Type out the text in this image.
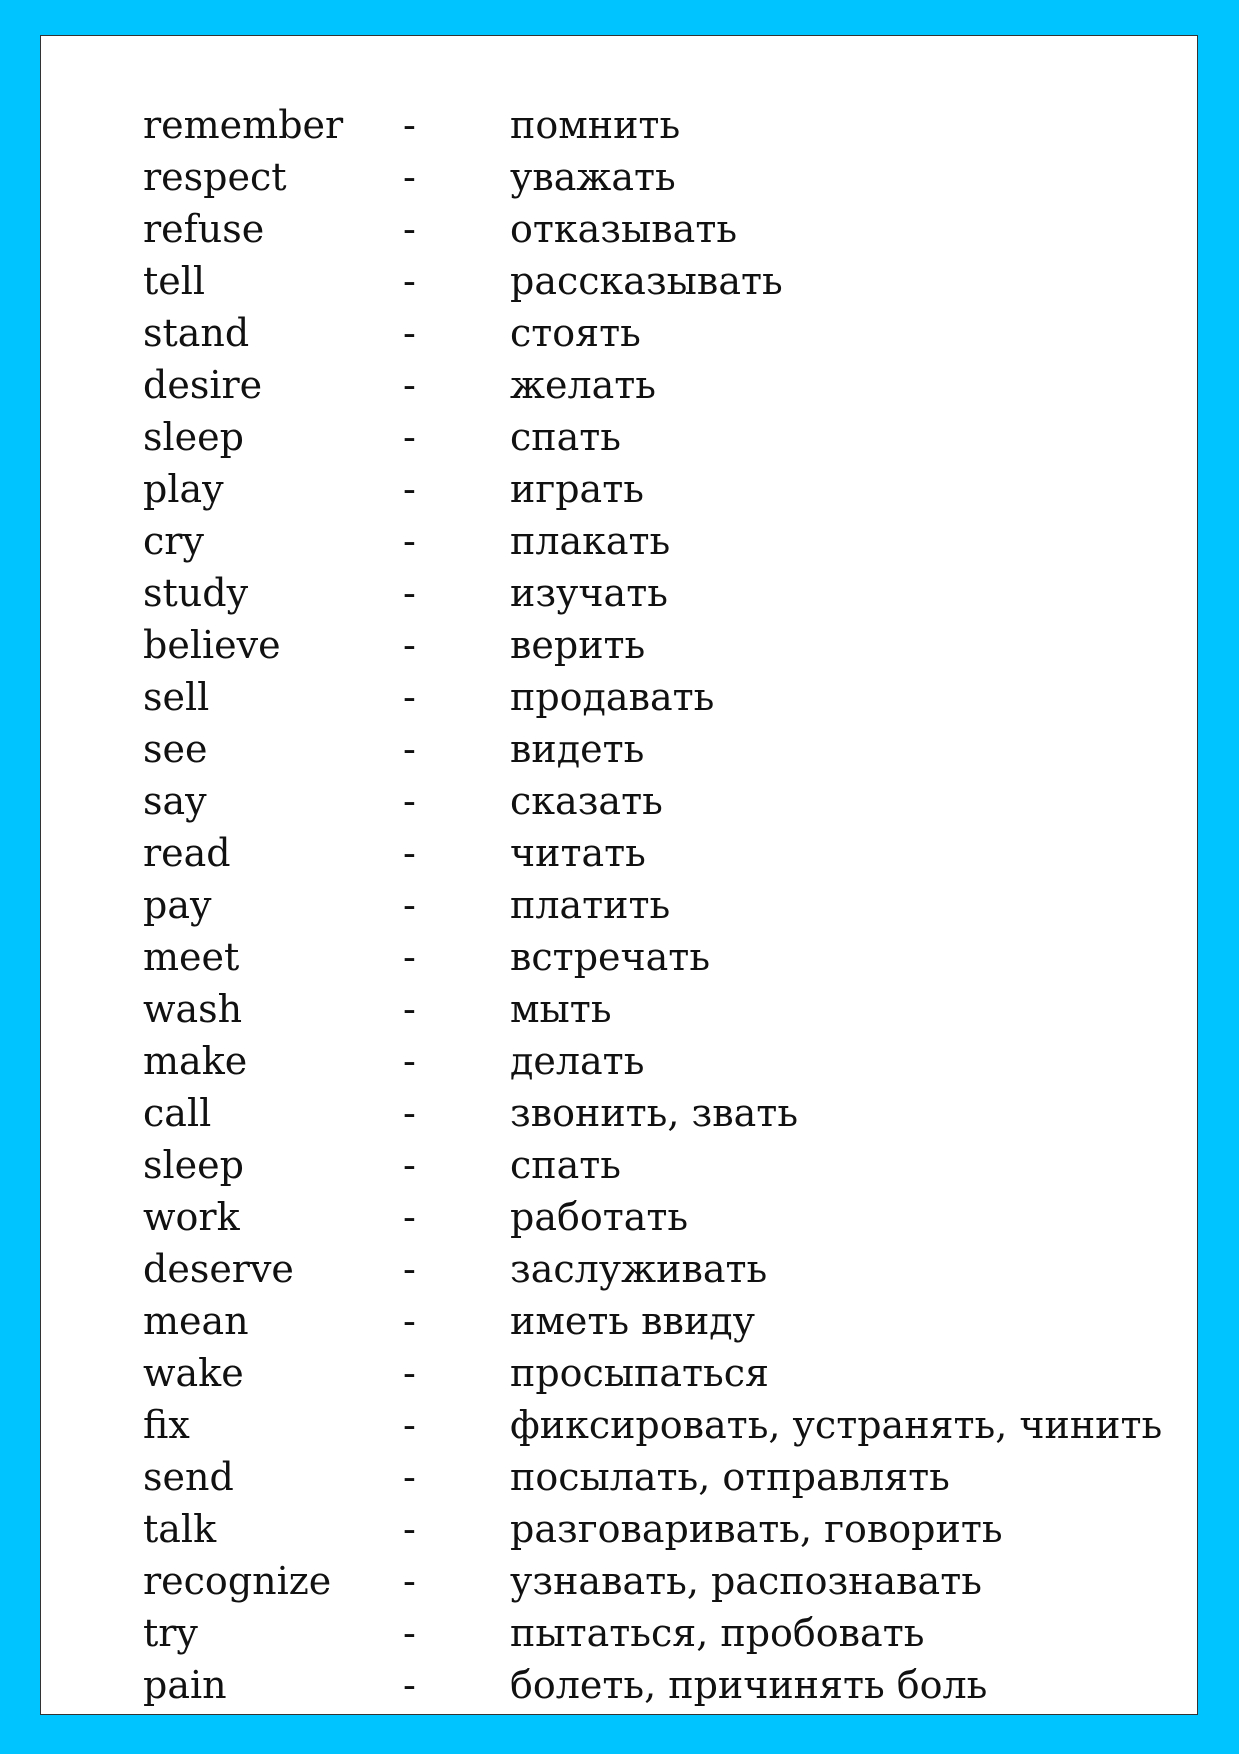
remember	-	помнить
respect	-	уважать
refuse	-	отказывать
tell	-	рассказывать
stand	-	стоять
desire	-	желать
sleep	-	спать
play	-	играть
cry	-	плакать
study	-	изучать
believe	-	верить
sell	-	продавать
see	-	видеть
say	-	сказать
read	-	читать
pay	-	платить
meet	-	встречать
wash	-	мыть
make	-	делать
call	-	звонить, звать
sleep	-	спать
work	-	работать
deserve	-	заслуживать
mean	-	иметь ввиду
wake	-	просыпаться
fix	-	фиксировать, устранять, чинить
send	-	посылать, отправлять
talk	-	разговаривать, говорить
recognize	-	узнавать, распознавать
try	-	пытаться, пробовать
pain	-	болеть, причинять боль
